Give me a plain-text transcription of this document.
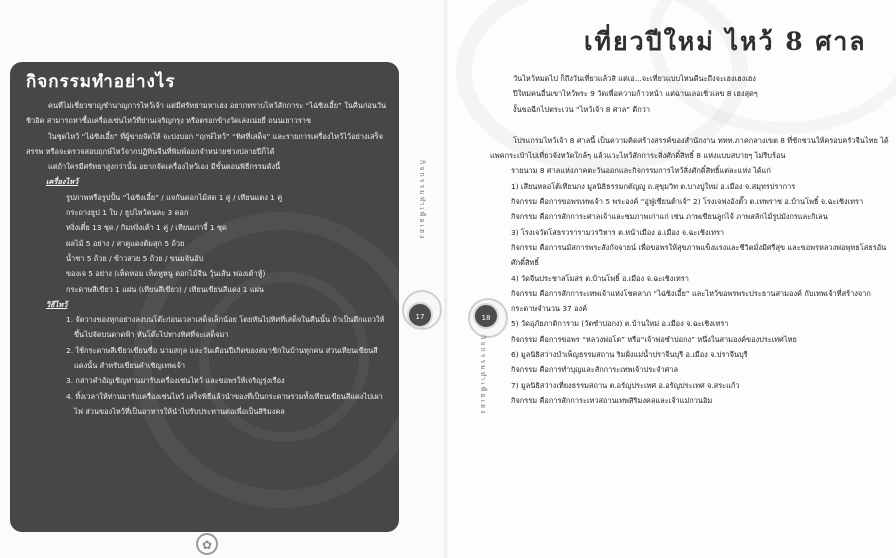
กิจกรรมทำอย่างไร

คนที่ไม่เชี่ยวชาญชำนาญการไหว้เจ้า แต่มีศรัทธามหาเฮง อยากทราบไหว้สักการะ “ไฉ่ซิงเอี้ย” ในคืนก่อนวันชิวอิด สามารถหาซื้อเครื่องเซ่นไหว้ที่ย่านเจริญกรุง หรือตรอกข้างวัดเล่งเน่ยยี่ ถนนเยาวราช

ในชุดไหว้ “ไฉ่ซิงเอี้ย” ที่ผู้ขายจัดให้ จะบ่งบอก “ฤกษ์ไหว้” “ทิศที่เสด็จ” และรายการเครื่องไหว้ไว้อย่างเสร็จสรรพ หรือจะตรวจสอบฤกษ์ไหว้จากปฏิทินจีนที่พิมพ์ออกจำหน่ายช่วงปลายปีก็ได้

แต่ถ้าใครมีศรัทธาสูงกว่านั้น อยากจัดเครื่องไหว้เอง มีขั้นตอนพิธีกรรมดังนี้

เครื่องไหว้

รูปภาพหรือรูปปั้น “ไฉ่ซิงเอี้ย” / แจกันดอกไม้สด 1 คู่ / เทียนแดง 1 คู่

กระถางธูป 1 ใบ / ธูปไหว้คนละ 3 ดอก

หงิ่งเตี๋ย 13 ชุด / กิมหงิ่งเต้า 1 คู่ / เทียนเก่าจี้ 1 ชุด

ผลไม้ 5 อย่าง / สาคูแดงต้มสุก 5 ถ้วย

น้ำชา 5 ถ้วย / ข้าวสวย 5 ถ้วย / ขนมจันอับ

ของเจ 5 อย่าง (เห็ดหอม เห็ดหูหนู ดอกไม้จีน วุ้นเส้น ฟองเต้าหู้)

กระดาษสีเขียว 1 แผ่น (เทียนสีเขียว) / เทียนเขียนสีแดง 1 แผ่น

วิธีไหว้

1. จัดวางของทุกอย่างลงบนโต๊ะก่อนเวลาเสด็จเล็กน้อย โดยหันไปทิศที่เสด็จในคืนนั้น ถ้าเป็นตึกแถวให้ขึ้นไปจัดบนดาดฟ้า หันโต๊ะไปทางทิศที่จะเสด็จมา

2. ใช้กระดาษสีเขียวเขียนชื่อ นามสกุล และวันเดือนปีเกิดของสมาชิกในบ้านทุกคน ส่วนเทียนเขียนสีแดงนั้น สำหรับเขียนคำเชิญเทพเจ้า

3. กล่าวคำอัญเชิญท่านมารับเครื่องเซ่นไหว้ และขอพรให้เจริญรุ่งเรือง

4. ทิ้งเวลาให้ท่านมารับเครื่องเซ่นไหว้ เสร็จพิธีแล้วนำของที่เป็นกระดาษรวมทั้งเทียนเขียนสีแดงไปเผาไฟ ส่วนของไหว้ที่เป็นอาหารให้นำไปรับประทานต่อเพื่อเป็นสิริมงคล

กิจกรรมทำเพื่อเฮง
17
✿
เที่ยวปีใหม่ ไหว้ 8 ศาล

วันไหว้หมดไป ก็ถึงวันเที่ยวแล้วสิ แต่เอ...จะเที่ยวแบบไหนดีนะถึงจะเฮงเฮงเฮง

ปีใหม่คนอื่นเขาไหว้พระ 9 วัดเพื่อความก้าวหน้า แต่ฉานเลอเชิ่วเลข 8 เฮงสุดๆ

งั้นขอฉีกไปตระเวน “ไหว้เจ้า 8 ศาล” ดีกว่า

โปรแกรมไหว้เจ้า 8 ศาลนี้ เป็นความคิดสร้างสรรค์ของสำนักงาน ททท.ภาคกลางเขต 8 ที่ชักชวนให้ครอบครัวจีนไทย ได้แพคกระเป๋าไปเที่ยวจังหวัดใกล้ๆ แล้วแวะไหว้สักการะสิ่งศักดิ์สิทธิ์ 8 แห่งแบบสบายๆ ไม่รีบร้อน

รายนาม 8 ศาลแห่งภาคตะวันออกและกิจกรรมการไหว้สิ่งศักดิ์สิทธิ์แต่ละแห่ง ได้แก่

1) เสียนหลอโต้เทียนกง มูลนิธิธรรมกตัญญู ถ.สุขุมวิท ต.บางปูใหม่ อ.เมือง จ.สมุทรปราการ

กิจกรรม คือการขอพรเทพเจ้า 5 พระองค์ “อู่ฟู่เซียนต้าเจ้” 2) โรงเจฟงอังตั๊ว ต.เทพราช อ.บ้านโพธิ์ จ.ฉะเชิงเทรา

กิจกรรม คือการสักการะศาลเจ้าและชมภาพเก่าแก่ เช่น ภาพเขียนลูกไจ้ ภาพสลักไม้รูปมังกรและกิเลน

3) โรงเจวัดโสธรวรารามวรวิหาร ต.หน้าเมือง อ.เมือง จ.ฉะเชิงเทรา

กิจกรรม คือการนมัสการพระสังกัจจายน์ เพื่อขอพรให้สุขภาพแข็งแรงและชีวิตมั่งมีศรีสุข และขอพรหลวงพ่อพุทธโสธรอันศักดิ์สิทธิ์

4) วัดจีนประชาสโมสร ต.บ้านโพธิ์ อ.เมือง จ.ฉะเชิงเทรา

กิจกรรม คือการสักการะเทพเจ้าแห่งโชคลาภ “ไฉ่ซิงเอี้ย” และไหว้ขอพรพระประธานสามองค์ กับเทพเจ้าที่สร้างจากกระดาษจำนวน 37 องค์

5) วัดอุภัยภาติการาม (วัดซำปอกง) ต.บ้านใหม่ อ.เมือง จ.ฉะเชิงเทรา

กิจกรรม คือการขอพร “หลวงพ่อโต” หรือ“เจ้าพ่อซำปอกง” หนึ่งในสามองค์ของประเทศไทย

6) มูลนิธิสว่างบำเพ็ญธรรมสถาน ริมฝั่งแม่น้ำปราจีนบุรี อ.เมือง จ.ปราจีนบุรี

กิจกรรม คือการทำบุญและสักการะเทพเจ้าประจำศาล

7) มูลนิธิสว่างเที่ยงธรรมสถาน ต.อรัญประเทศ อ.อรัญประเทศ จ.สระแก้ว

กิจกรรม คือการสักการะเทวสถานเทพสิริมงคลและเจ้าแม่กวนอิม

18
กิจกรรมทำเพื่อเฮง
